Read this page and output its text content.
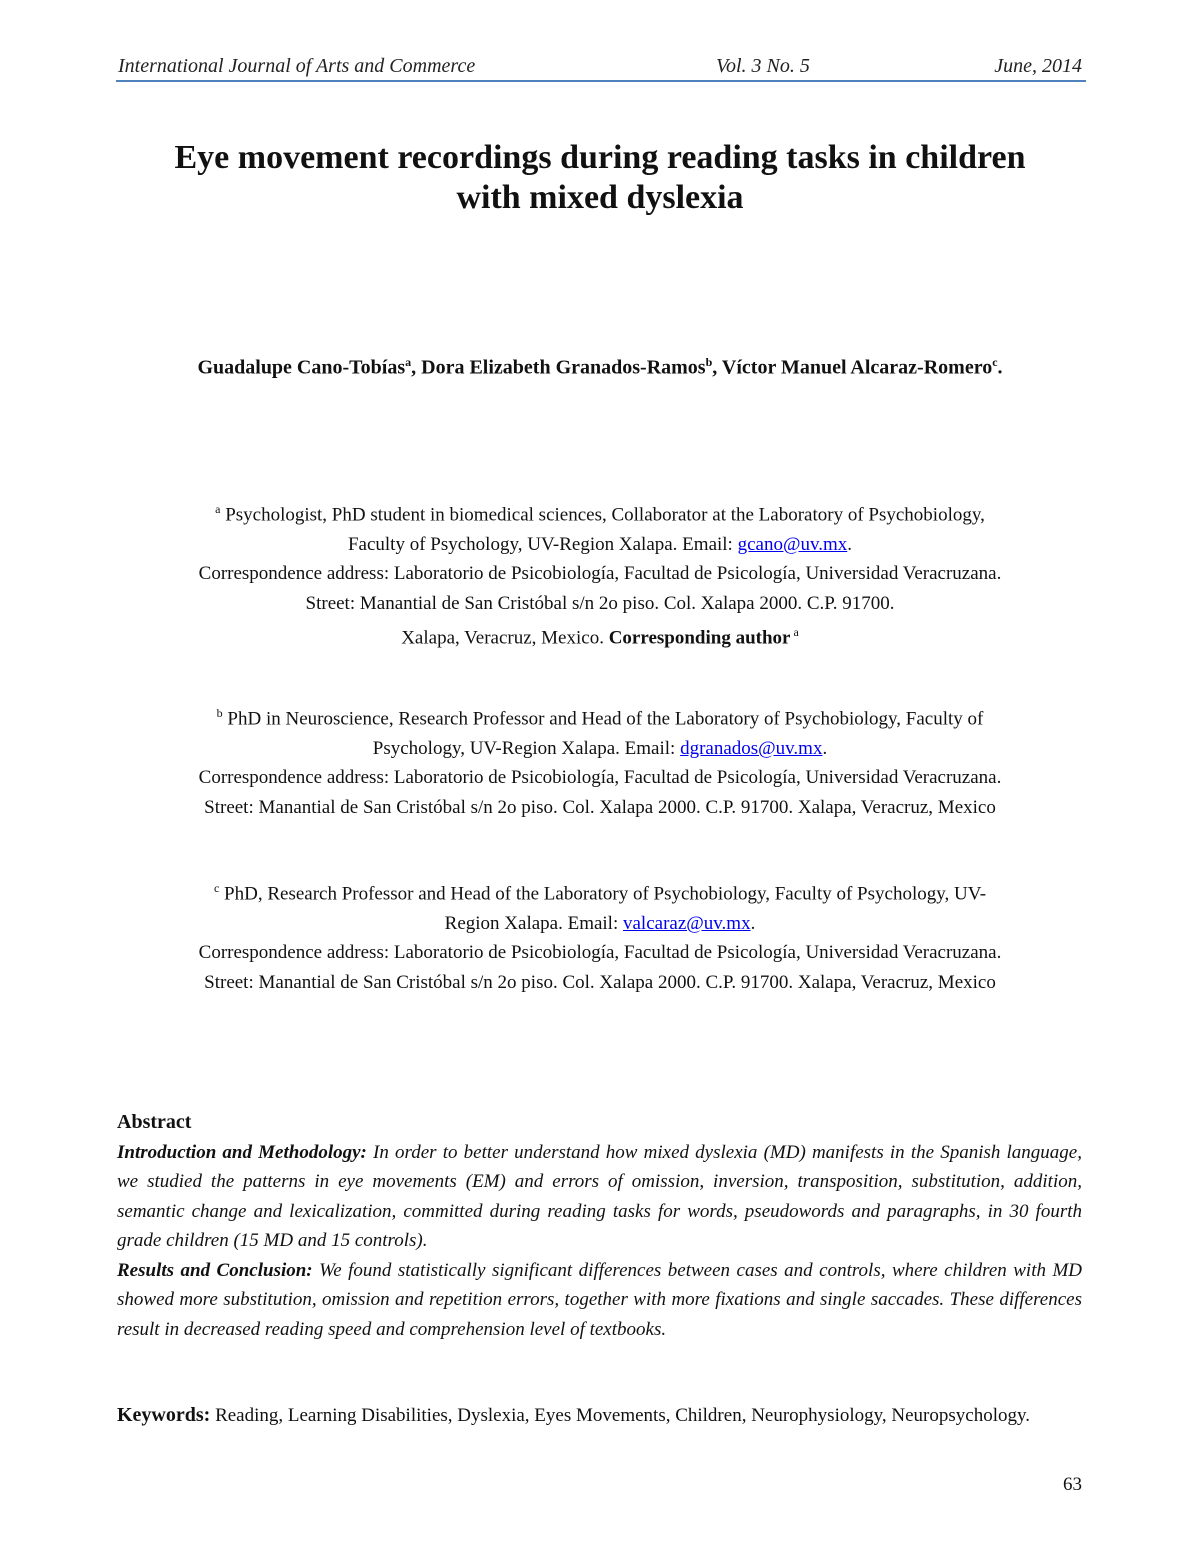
International Journal of Arts and Commerce	Vol. 3 No. 5	June, 2014
Eye movement recordings during reading tasks in children
with mixed dyslexia
Guadalupe Cano-Tobías$^a$, Dora Elizabeth Granados-Ramos$^b$, Víctor Manuel Alcaraz-Romero$^c$.
$^a$ Psychologist, PhD student in biomedical sciences, Collaborator at the Laboratory of Psychobiology,
Faculty of Psychology, UV-Region Xalapa. Email: gcano@uv.mx.
Correspondence address: Laboratorio de Psicobiología, Facultad de Psicología, Universidad Veracruzana.
Street: Manantial de San Cristóbal s/n 2o piso. Col. Xalapa 2000. C.P. 91700.
Xalapa, Veracruz, Mexico. Corresponding author $^a$
$^b$ PhD in Neuroscience, Research Professor and Head of the Laboratory of Psychobiology, Faculty of
Psychology, UV-Region Xalapa. Email: dgranados@uv.mx.
Correspondence address: Laboratorio de Psicobiología, Facultad de Psicología, Universidad Veracruzana.
Street: Manantial de San Cristóbal s/n 2o piso. Col. Xalapa 2000. C.P. 91700. Xalapa, Veracruz, Mexico
$^c$ PhD, Research Professor and Head of the Laboratory of Psychobiology, Faculty of Psychology, UV-
Region Xalapa. Email: valcaraz@uv.mx.
Correspondence address: Laboratorio de Psicobiología, Facultad de Psicología, Universidad Veracruzana.
Street: Manantial de San Cristóbal s/n 2o piso. Col. Xalapa 2000. C.P. 91700. Xalapa, Veracruz, Mexico
Abstract
Introduction and Methodology: In order to better understand how mixed dyslexia (MD) manifests in the Spanish language, we studied the patterns in eye movements (EM) and errors of omission, inversion, transposition, substitution, addition, semantic change and lexicalization, committed during reading tasks for words, pseudowords and paragraphs, in 30 fourth grade children (15 MD and 15 controls).
Results and Conclusion: We found statistically significant differences between cases and controls, where children with MD showed more substitution, omission and repetition errors, together with more fixations and single saccades. These differences result in decreased reading speed and comprehension level of textbooks.
Keywords: Reading, Learning Disabilities, Dyslexia, Eyes Movements, Children, Neurophysiology, Neuropsychology.
63
